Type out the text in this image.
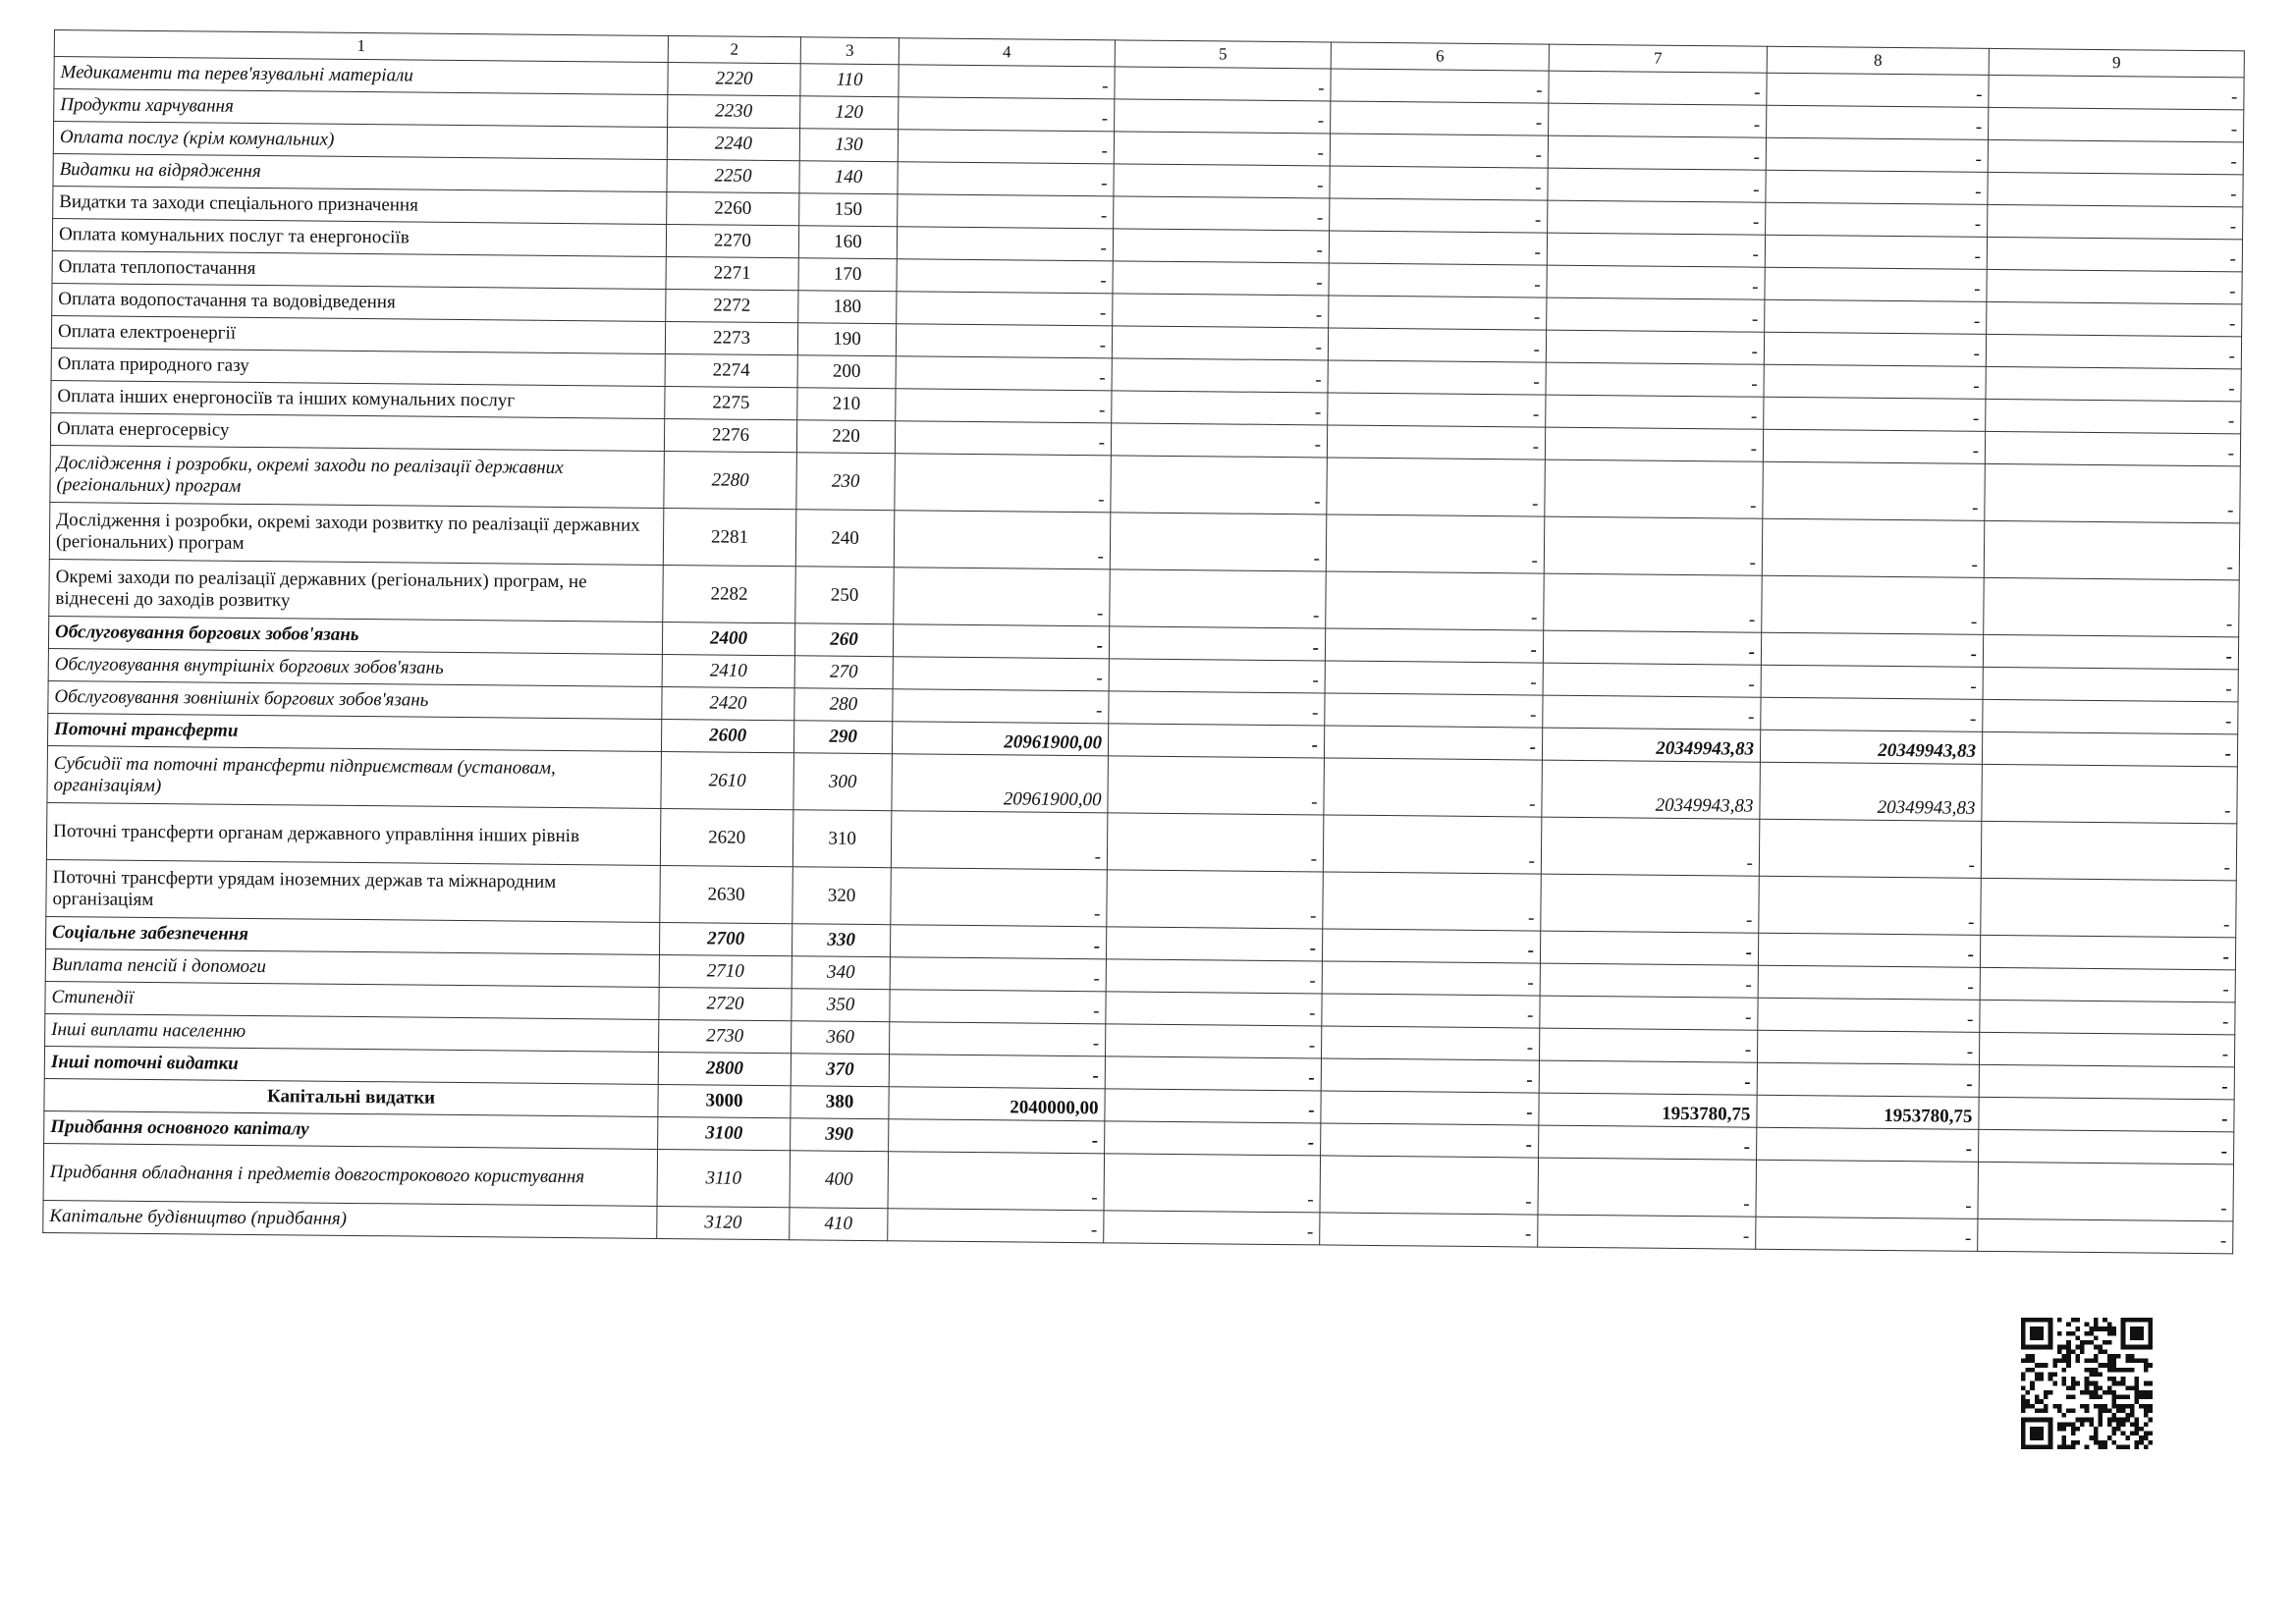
1	2	3	4	5	6	7	8	9
Медикаменти та перев'язувальні матеріали	2220	110	-	-	-	-	-	-
Продукти харчування	2230	120	-	-	-	-	-	-
Оплата послуг (крім комунальних)	2240	130	-	-	-	-	-	-
Видатки на відрядження	2250	140	-	-	-	-	-	-
Видатки та заходи спеціального призначення	2260	150	-	-	-	-	-	-
Оплата комунальних послуг та енергоносіїв	2270	160	-	-	-	-	-	-
Оплата теплопостачання	2271	170	-	-	-	-	-	-
Оплата водопостачання та водовідведення	2272	180	-	-	-	-	-	-
Оплата електроенергії	2273	190	-	-	-	-	-	-
Оплата природного газу	2274	200	-	-	-	-	-	-
Оплата інших енергоносіїв та інших комунальних послуг	2275	210	-	-	-	-	-	-
Оплата енергосервісу	2276	220	-	-	-	-	-	-
Дослідження і розробки, окремі заходи по реалізації державних (регіональних) програм	2280	230	-	-	-	-	-	-
Дослідження і розробки, окремі заходи розвитку по реалізації державних (регіональних) програм	2281	240	-	-	-	-	-	-
Окремі заходи по реалізації державних (регіональних) програм, не віднесені до заходів розвитку	2282	250	-	-	-	-	-	-
Обслуговування боргових зобов'язань	2400	260	-	-	-	-	-	-
Обслуговування внутрішніх боргових зобов'язань	2410	270	-	-	-	-	-	-
Обслуговування зовнішніх боргових зобов'язань	2420	280	-	-	-	-	-	-
Поточні трансферти	2600	290	20961900,00	-	-	20349943,83	20349943,83	-
Субсидії та поточні трансферти підприємствам (установам, організаціям)	2610	300	20961900,00	-	-	20349943,83	20349943,83	-
Поточні трансферти органам державного управління інших рівнів	2620	310	-	-	-	-	-	-
Поточні трансферти урядам іноземних держав та міжнародним організаціям	2630	320	-	-	-	-	-	-
Соціальне забезпечення	2700	330	-	-	-	-	-	-
Виплата пенсій і допомоги	2710	340	-	-	-	-	-	-
Стипендії	2720	350	-	-	-	-	-	-
Інші виплати населенню	2730	360	-	-	-	-	-	-
Інші поточні видатки	2800	370	-	-	-	-	-	-
Капітальні видатки	3000	380	2040000,00	-	-	1953780,75	1953780,75	-
Придбання основного капіталу	3100	390	-	-	-	-	-	-
Придбання обладнання і предметів довгострокового користування	3110	400	-	-	-	-	-	-
Капітальне будівництво (придбання)	3120	410	-	-	-	-	-	-
